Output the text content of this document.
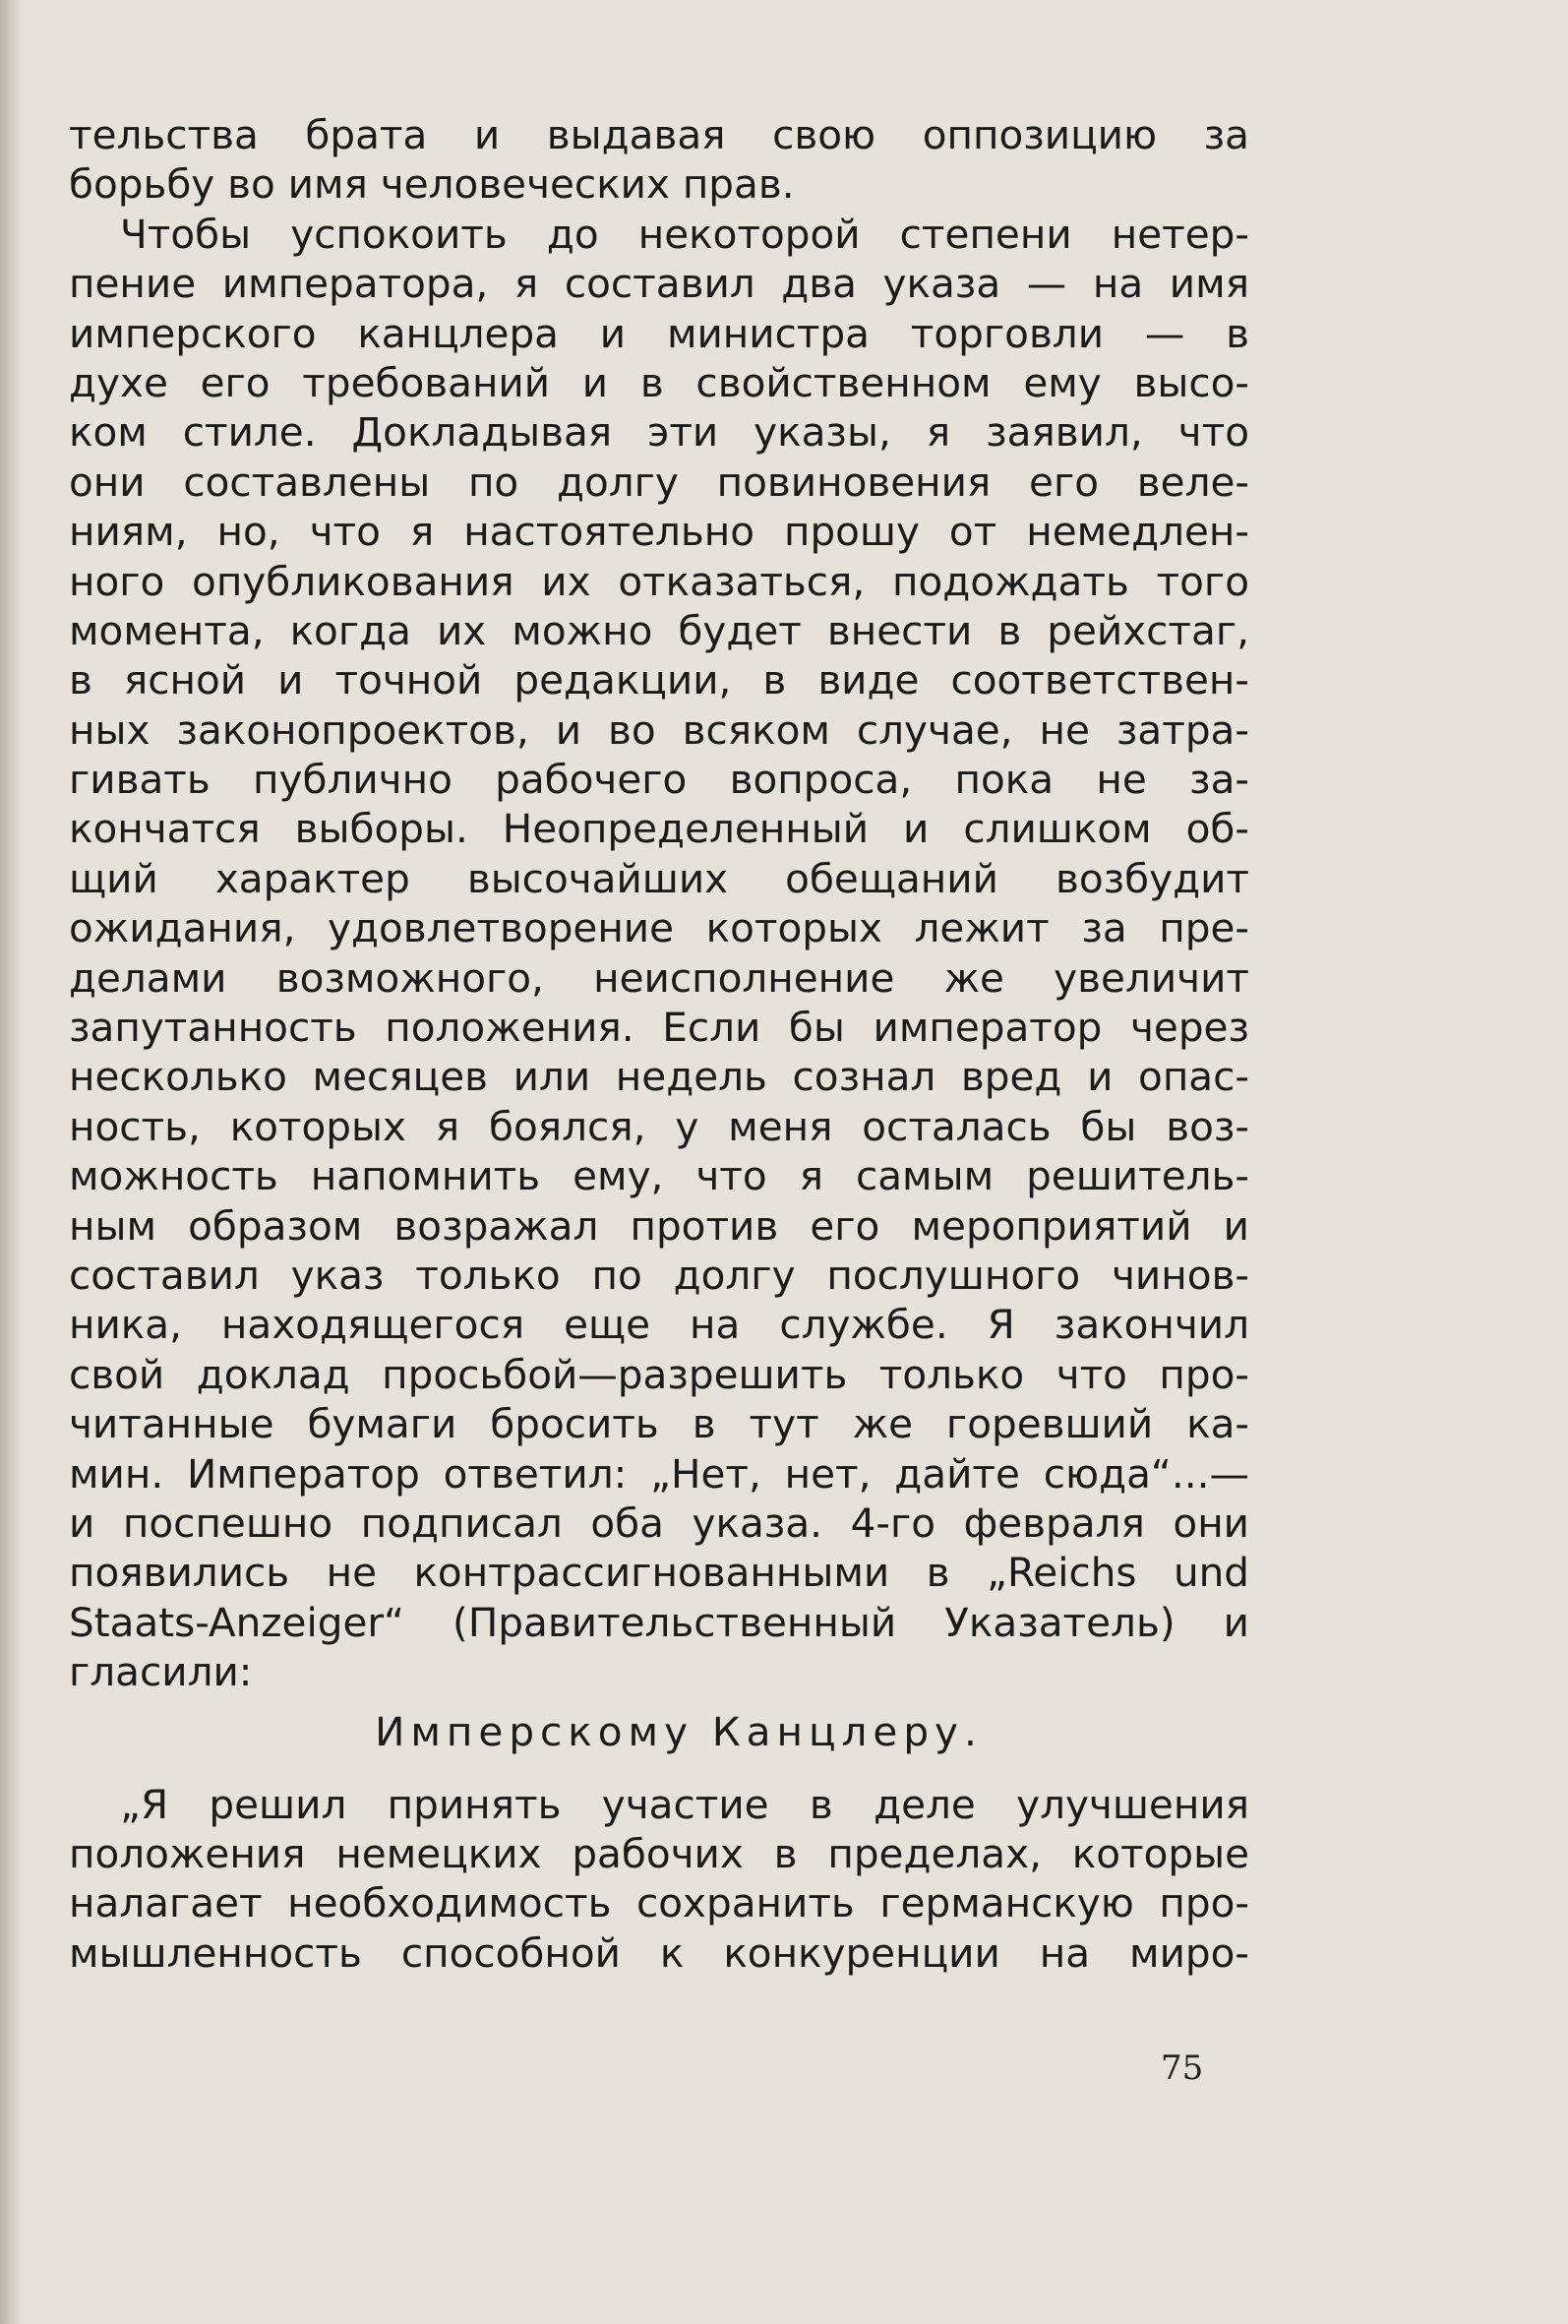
тельства брата и выдавая свою оппозицию за
борьбу во имя человеческих прав.
Чтобы успокоить до некоторой степени нетер-
пение императора, я составил два указа — на имя
имперского канцлера и министра торговли — в
духе его требований и в свойственном ему высо-
ком стиле. Докладывая эти указы, я заявил, что
они составлены по долгу повиновения его веле-
ниям, но, что я настоятельно прошу от немедлен-
ного опубликования их отказаться, подождать того
момента, когда их можно будет внести в рейхстаг,
в ясной и точной редакции, в виде соответствен-
ных законопроектов, и во всяком случае, не затра-
гивать публично рабочего вопроса, пока не за-
кончатся выборы. Неопределенный и слишком об-
щий характер высочайших обещаний возбудит
ожидания, удовлетворение которых лежит за пре-
делами возможного, неисполнение же увеличит
запутанность положения. Если бы император через
несколько месяцев или недель сознал вред и опас-
ность, которых я боялся, у меня осталась бы воз-
можность напомнить ему, что я самым решитель-
ным образом возражал против его мероприятий и
составил указ только по долгу послушного чинов-
ника, находящегося еще на службе. Я закончил
свой доклад просьбой—разрешить только что про-
читанные бумаги бросить в тут же горевший ка-
мин. Император ответил: „Нет, нет, дайте сюда“...—
и поспешно подписал оба указа. 4-го февраля они
появились не контрассигнованными в „Reichs und
Staats-Anzeiger“ (Правительственный Указатель) и
гласили:
Имперскому Канцлеру.
„Я решил принять участие в деле улучшения
положения немецких рабочих в пределах, которые
налагает необходимость сохранить германскую про-
мышленность способной к конкуренции на миро-
75
